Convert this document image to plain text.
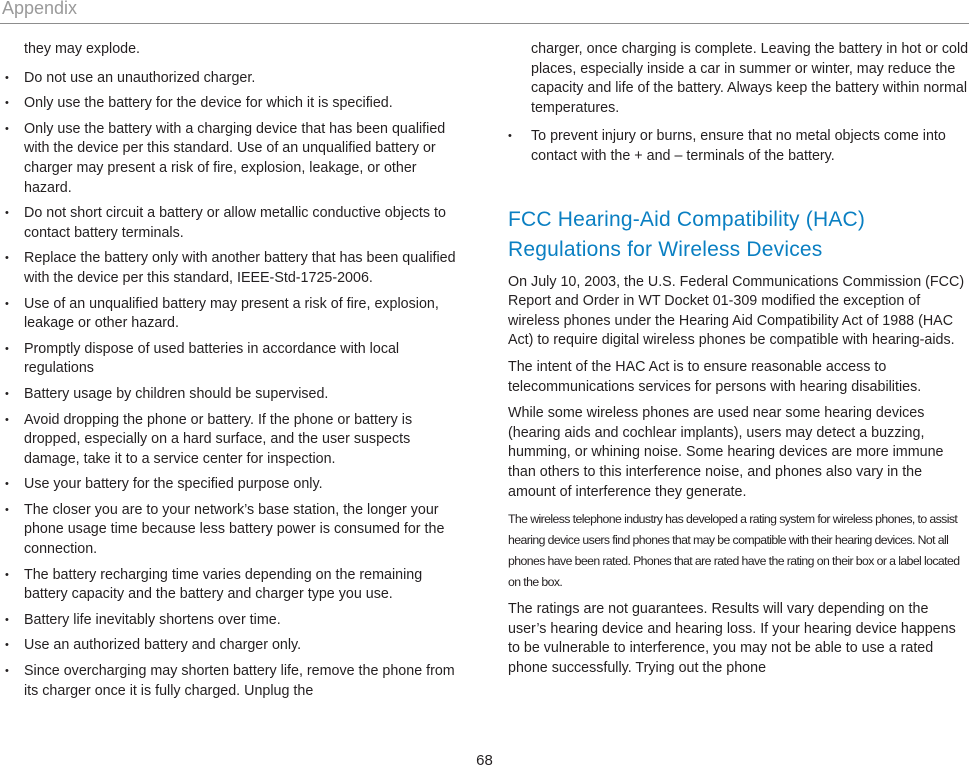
Appendix
they may explode.
• Do not use an unauthorized charger.
• Only use the battery for the device for which it is specified.
• Only use the battery with a charging device that has been qualified with the device per this standard. Use of an unqualified battery or charger may present a risk of fire, explosion, leakage, or other hazard.
• Do not short circuit a battery or allow metallic conductive objects to contact battery terminals.
• Replace the battery only with another battery that has been qualified with the device per this standard, IEEE-Std-1725-2006.
• Use of an unqualified battery may present a risk of fire, explosion, leakage or other hazard.
• Promptly dispose of used batteries in accordance with local regulations
• Battery usage by children should be supervised.
• Avoid dropping the phone or battery. If the phone or battery is dropped, especially on a hard surface, and the user suspects damage, take it to a service center for inspection.
• Use your battery for the specified purpose only.
• The closer you are to your network’s base station, the longer your phone usage time because less battery power is consumed for the connection.
• The battery recharging time varies depending on the remaining battery capacity and the battery and charger type you use.
• Battery life inevitably shortens over time.
• Use an authorized battery and charger only.
• Since overcharging may shorten battery life, remove the phone from its charger once it is fully charged. Unplug the
charger, once charging is complete. Leaving the battery in hot or cold places, especially inside a car in summer or winter, may reduce the capacity and life of the battery. Always keep the battery within normal temperatures.
• To prevent injury or burns, ensure that no metal objects come into contact with the + and – terminals of the battery.
FCC Hearing-Aid Compatibility (HAC) Regulations for Wireless Devices

On July 10, 2003, the U.S. Federal Communications Commission (FCC) Report and Order in WT Docket 01-309 modified the exception of wireless phones under the Hearing Aid Compatibility Act of 1988 (HAC Act) to require digital wireless phones be compatible with hearing-aids.

The intent of the HAC Act is to ensure reasonable access to telecommunications services for persons with hearing disabilities.

While some wireless phones are used near some hearing devices (hearing aids and cochlear implants), users may detect a buzzing, humming, or whining noise. Some hearing devices are more immune than others to this interference noise, and phones also vary in the amount of interference they generate.

The wireless telephone industry has developed a rating system for wireless phones, to assist hearing device users find phones that may be compatible with their hearing devices. Not all phones have been rated. Phones that are rated have the rating on their box or a label located on the box.

The ratings are not guarantees. Results will vary depending on the user’s hearing device and hearing loss. If your hearing device happens to be vulnerable to interference, you may not be able to use a rated phone successfully. Trying out the phone

68
